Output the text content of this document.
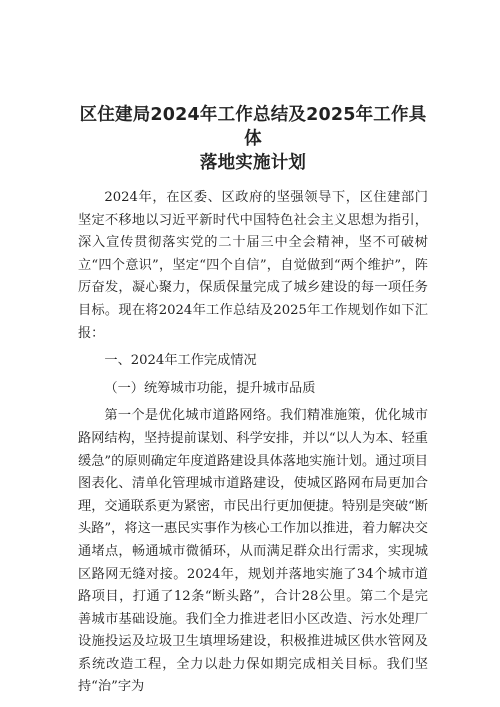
区住建局2024年工作总结及2025年工作具体
落地实施计划

2024年，在区委、区政府的坚强领导下，区住建部门坚定不移地以习近平新时代中国特色社会主义思想为指引，深入宣传贯彻落实党的二十届三中全会精神，坚不可破树立“四个意识”，坚定“四个自信”，自觉做到“两个维护”，阵厉奋发，凝心聚力，保质保量完成了城乡建设的每一项任务目标。现在将2024年工作总结及2025年工作规划作如下汇报：

一、2024年工作完成情况

（一）统筹城市功能，提升城市品质

第一个是优化城市道路网络。我们精准施策，优化城市路网结构，坚持提前谋划、科学安排，并以“以人为本、轻重缓急”的原则确定年度道路建设具体落地实施计划。通过项目图表化、清单化管理城市道路建设，使城区路网布局更加合理，交通联系更为紧密，市民出行更加便捷。特别是突破“断头路”，将这一惠民实事作为核心工作加以推进，着力解决交通堵点，畅通城市微循环，从而满足群众出行需求，实现城区路网无缝对接。2024年，规划并落地实施了34个城市道路项目，打通了12条“断头路”，合计28公里。第二个是完善城市基础设施。我们全力推进老旧小区改造、污水处理厂设施投运及垃圾卫生填埋场建设，积极推进城区供水管网及系统改造工程，全力以赴力保如期完成相关目标。我们坚持“治”字为
